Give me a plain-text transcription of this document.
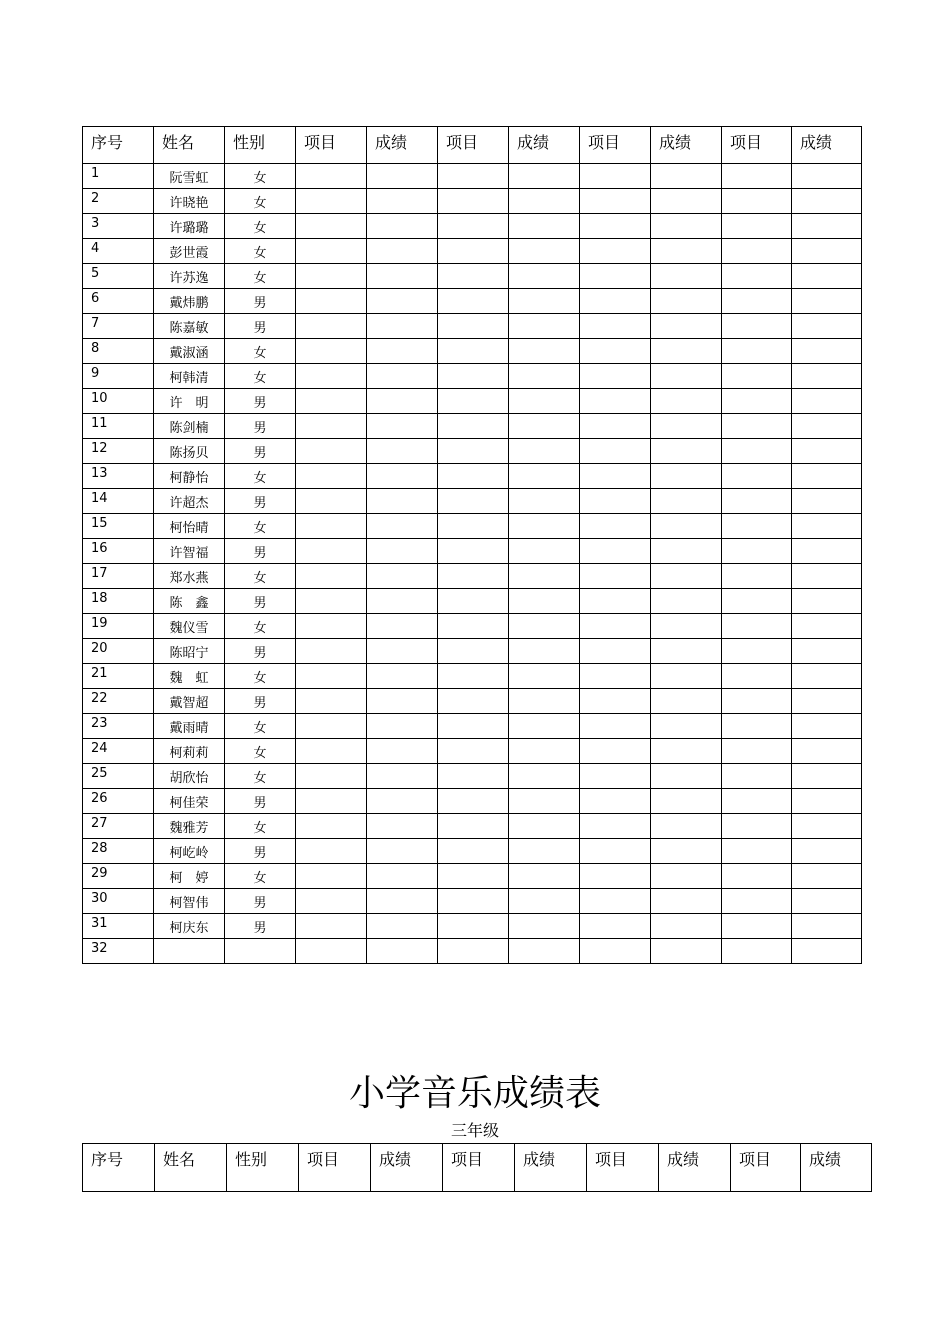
序号	姓名	性别	项目	成绩	项目	成绩	项目	成绩	项目	成绩
1	阮雪虹	女								
2	许晓艳	女								
3	许璐璐	女								
4	彭世霞	女								
5	许苏逸	女								
6	戴炜鹏	男								
7	陈嘉敏	男								
8	戴淑涵	女								
9	柯韩清	女								
10	许　明	男								
11	陈剑楠	男								
12	陈扬贝	男								
13	柯静怡	女								
14	许超杰	男								
15	柯怡晴	女								
16	许智福	男								
17	郑水燕	女								
18	陈　鑫	男								
19	魏仪雪	女								
20	陈昭宁	男								
21	魏　虹	女								
22	戴智超	男								
23	戴雨晴	女								
24	柯莉莉	女								
25	胡欣怡	女								
26	柯佳荣	男								
27	魏雅芳	女								
28	柯屹岭	男								
29	柯　婷	女								
30	柯智伟	男								
31	柯庆东	男								
32										
小学音乐成绩表
三年级
序号	姓名	性别	项目	成绩	项目	成绩	项目	成绩	项目	成绩
